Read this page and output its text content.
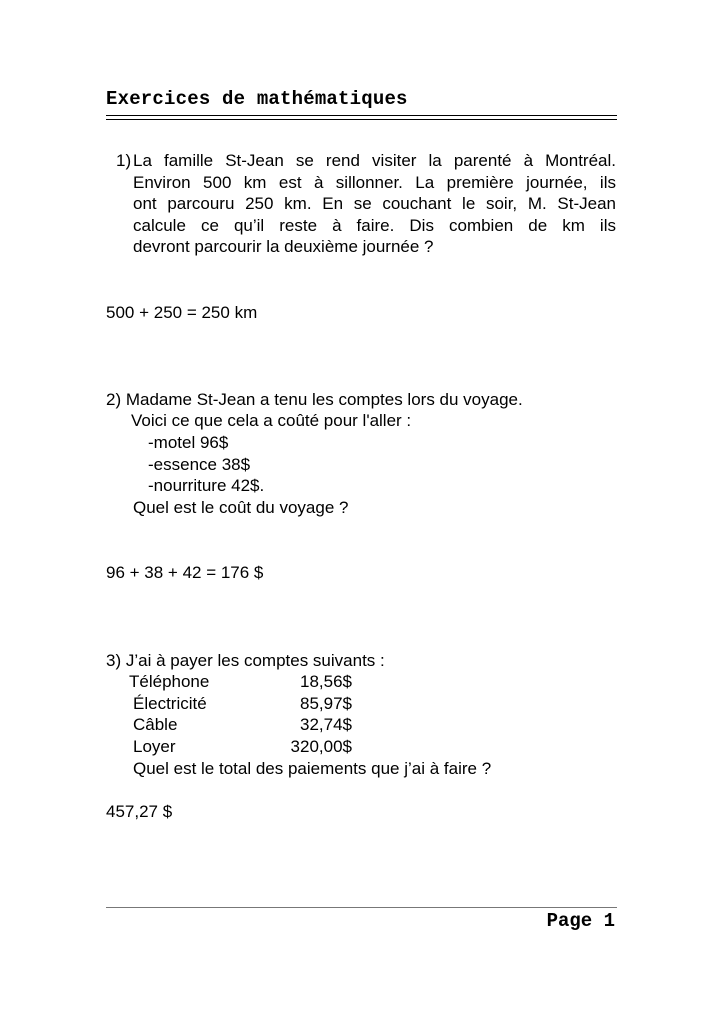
Exercices de mathématiques
1) La famille St-Jean se rend visiter la parenté à Montréal.
Environ 500 km est à sillonner. La première journée, ils
ont parcouru 250 km. En se couchant le soir, M. St-Jean
calcule ce qu’il reste à faire. Dis combien de km ils
devront parcourir la deuxième journée ?
500 + 250 = 250 km
2) Madame St-Jean a tenu les comptes lors du voyage.
Voici ce que cela a coûté pour l'aller :
-motel 96$
-essence 38$
-nourriture 42$.
Quel est le coût du voyage ?
96 + 38 + 42 = 176 $
3) J’ai à payer les comptes suivants :
Téléphone	18,56$
Électricité	85,97$
Câble	32,74$
Loyer	320,00$
Quel est le total des paiements que j’ai à faire ?
457,27 $
Page 1
